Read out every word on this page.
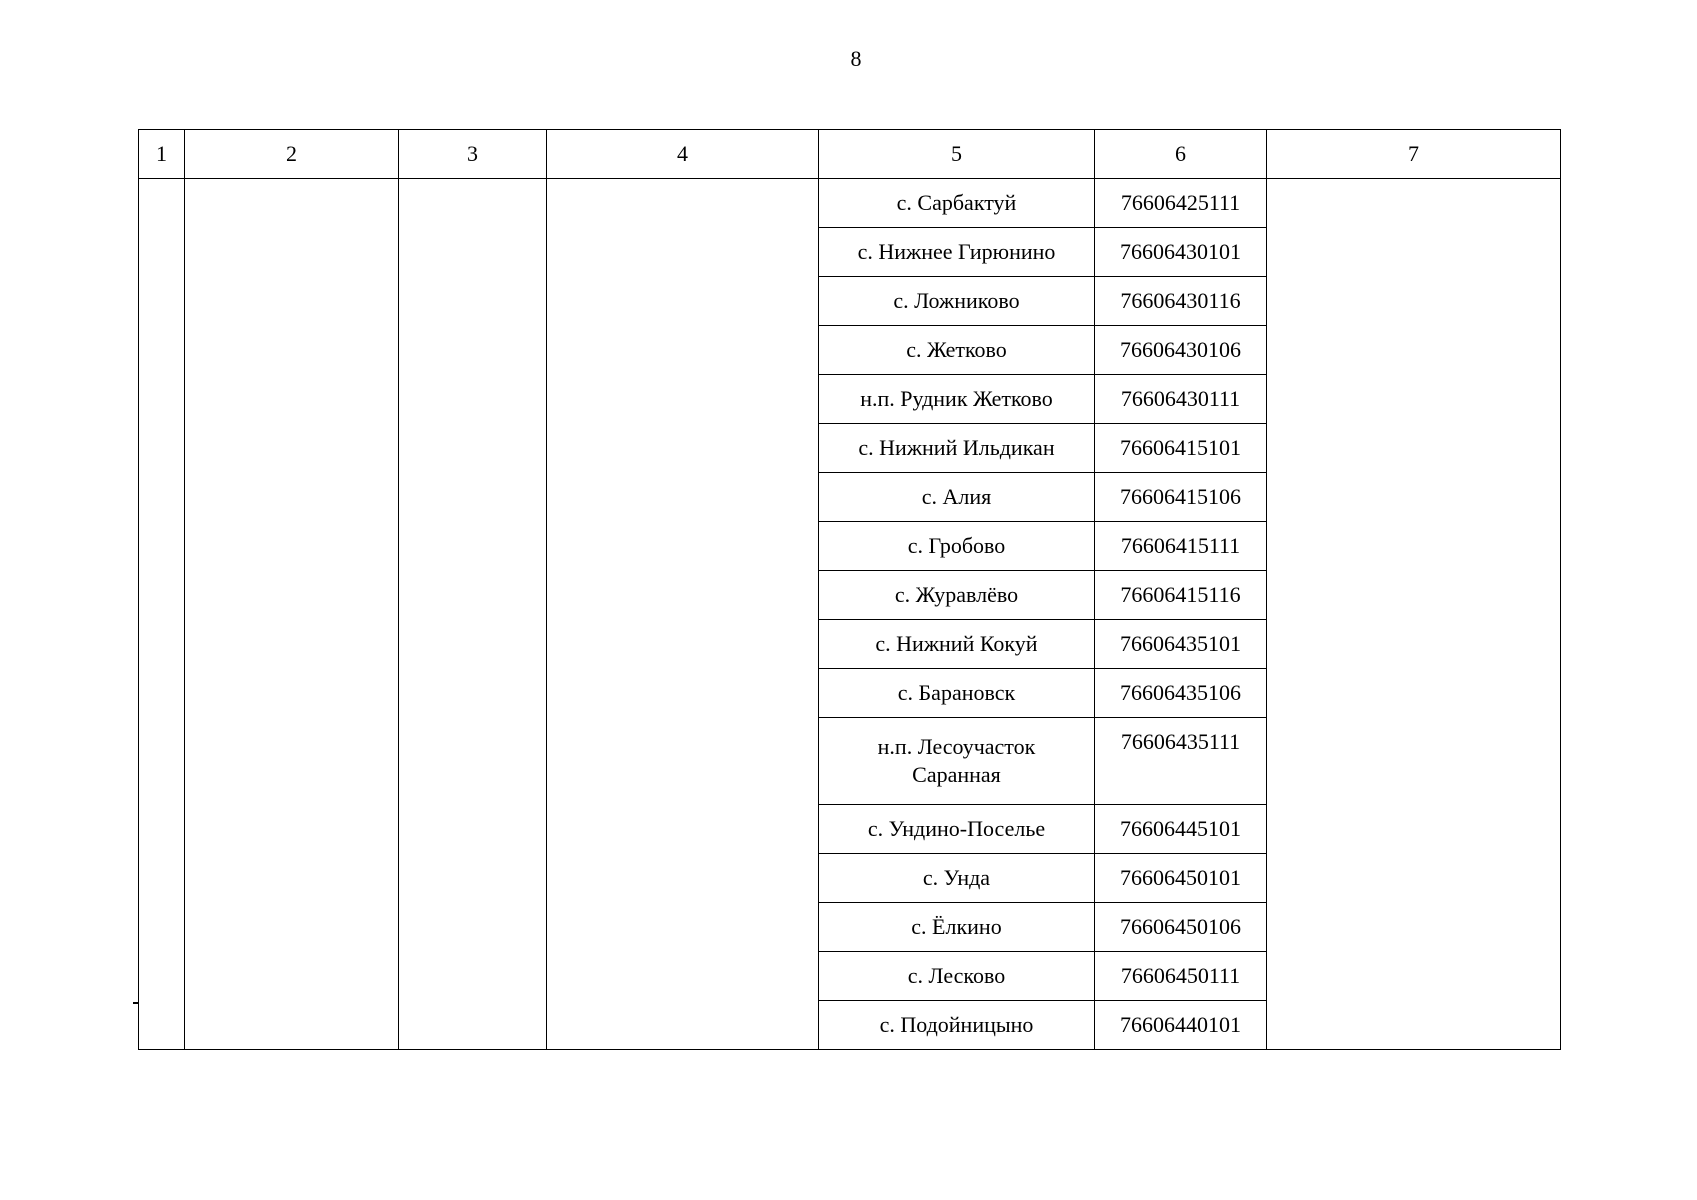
8
1	2	3	4	5	6	7
				с. Сарбактуй	76606425111	
				с. Нижнее Гирюнино	76606430101	
				с. Ложниково	76606430116	
				с. Жетково	76606430106	
				н.п. Рудник Жетково	76606430111	
				с. Нижний Ильдикан	76606415101	
				с. Алия	76606415106	
				с. Гробово	76606415111	
				с. Журавлёво	76606415116	
				с. Нижний Кокуй	76606435101	
				с. Барановск	76606435106	
				н.п. Лесоучасток
Саранная	76606435111	
				с. Ундино-Поселье	76606445101	
				с. Унда	76606450101	
				с. Ёлкино	76606450106	
				с. Лесково	76606450111	
				с. Подойницыно	76606440101	
